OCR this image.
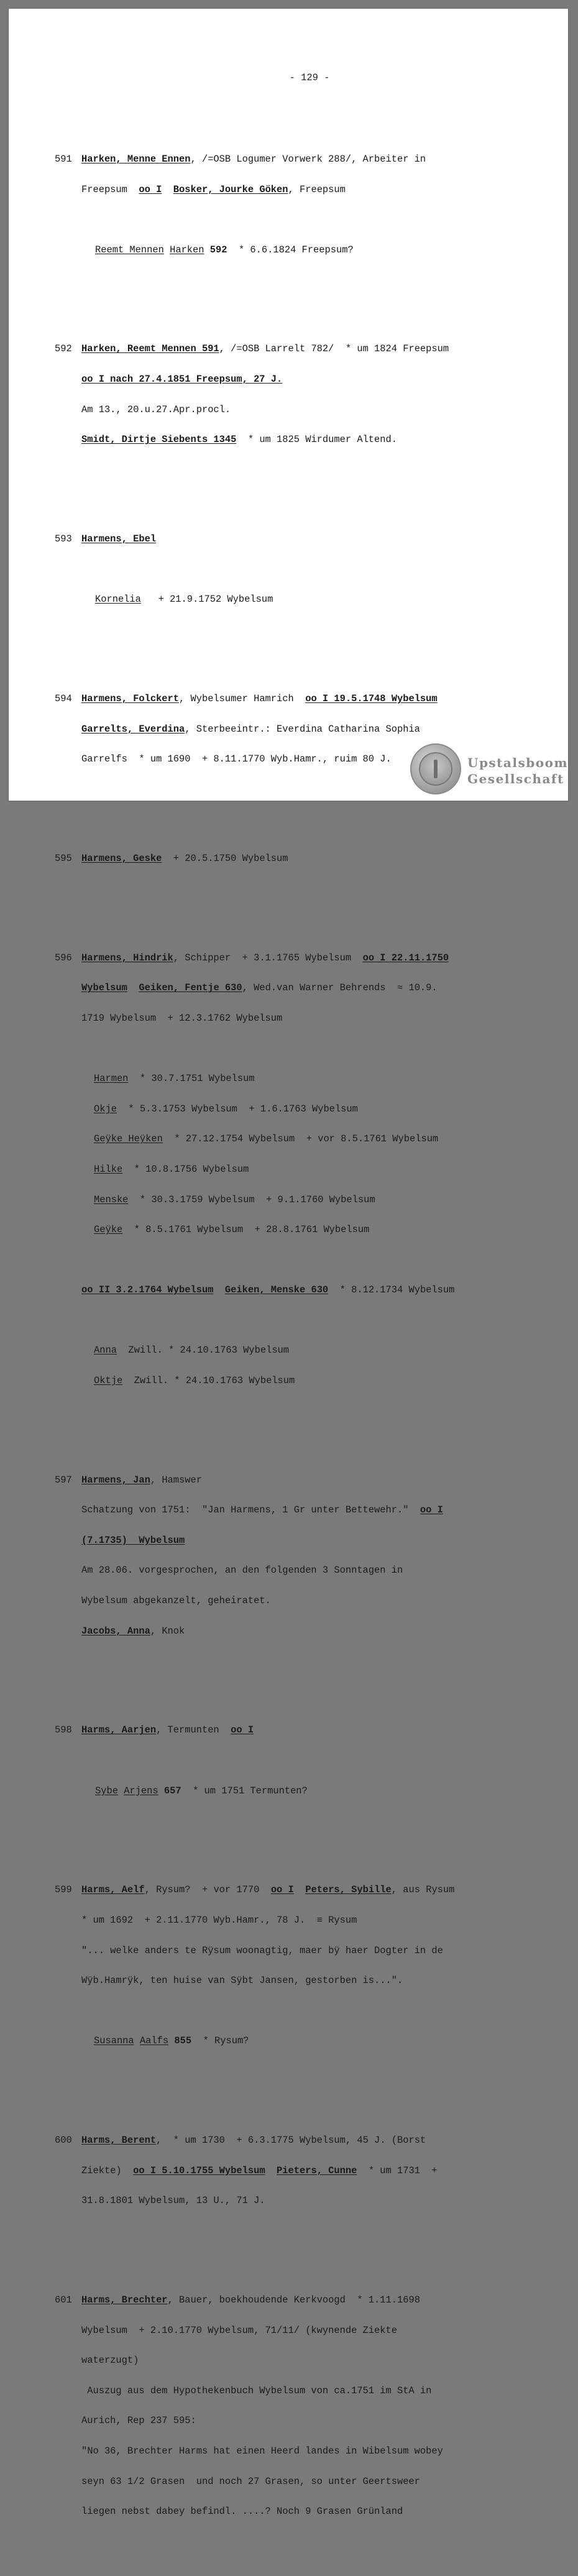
- 129 -

591 Harken, Menne Ennen, /=OSB Logumer Vorwerk 288/, Arbeiter in

Freepsum  oo I Bosker, Jourke Göken, Freepsum

Reemt Mennen Harken 592  * 6.6.1824 Freepsum?

592 Harken, Reemt Mennen 591, /=OSB Larrelt 782/  * um 1824 Freepsum

oo I nach 27.4.1851 Freepsum, 27 J.

Am 13., 20.u.27.Apr.procl.

Smidt, Dirtje Siebents 1345  * um 1825 Wirdumer Altend.

593 Harmens, Ebel

Kornelia   + 21.9.1752 Wybelsum

594 Harmens, Folckert, Wybelsumer Hamrich  oo I 19.5.1748 Wybelsum

Garrelts, Everdina, Sterbeeintr.: Everdina Catharina Sophia

Garrelfs  * um 1690  + 8.11.1770 Wyb.Hamr., ruim 80 J.

595 Harmens, Geske  + 20.5.1750 Wybelsum

596 Harmens, Hindrik, Schipper  + 3.1.1765 Wybelsum  oo I 22.11.1750

Wybelsum Geiken, Fentje 630, Wed.van Warner Behrends  ≈ 10.9.

1719 Wybelsum  + 12.3.1762 Wybelsum

Harmen  * 30.7.1751 Wybelsum

Okje  * 5.3.1753 Wybelsum  + 1.6.1763 Wybelsum

Geÿke Heÿken  * 27.12.1754 Wybelsum  + vor 8.5.1761 Wybelsum

Hilke  * 10.8.1756 Wybelsum

Menske  * 30.3.1759 Wybelsum  + 9.1.1760 Wybelsum

Geÿke  * 8.5.1761 Wybelsum  + 28.8.1761 Wybelsum

oo II 3.2.1764 Wybelsum Geiken, Menske 630  * 8.12.1734 Wybelsum

Anna  Zwill. * 24.10.1763 Wybelsum

Oktje  Zwill. * 24.10.1763 Wybelsum

597 Harmens, Jan, Hamswer

Schatzung von 1751:  "Jan Harmens, 1 Gr unter Bettewehr."  oo I

(7.1735)  Wybelsum

Am 28.06. vorgesprochen, an den folgenden 3 Sonntagen in

Wybelsum abgekanzelt, geheiratet.

Jacobs, Anna, Knok

598 Harms, Aarjen, Termunten  oo I

Sybe Arjens 657  * um 1751 Termunten?

599 Harms, Aelf, Rysum?  + vor 1770  oo I Peters, Sybille, aus Rysum

* um 1692  + 2.11.1770 Wyb.Hamr., 78 J.  ≡ Rysum

"... welke anders te Rÿsum woonagtig, maer bÿ haer Dogter in de

Wÿb.Hamrÿk, ten huise van Sÿbt Jansen, gestorben is...".

Susanna Aalfs 855  * Rysum?

600 Harms, Berent,  * um 1730  + 6.3.1775 Wybelsum, 45 J. (Borst

Ziekte)  oo I 5.10.1755 Wybelsum Pieters, Cunne  * um 1731  +

31.8.1801 Wybelsum, 13 U., 71 J.

601 Harms, Brechter, Bauer, boekhoudende Kerkvoogd  * 1.11.1698

Wybelsum  + 2.10.1770 Wybelsum, 71/11/ (kwynende Ziekte

waterzugt)

Auszug aus dem Hypothekenbuch Wybelsum von ca.1751 im StA in

Aurich, Rep 237 595:

"No 36, Brechter Harms hat einen Heerd landes in Wibelsum wobey

seyn 63 1/2 Grasen  und noch 27 Grasen, so unter Geertsweer

liegen nebst dabey befindl. ....? Noch 9 Grasen Grünland

Upstalsboom
Gesellschaft
